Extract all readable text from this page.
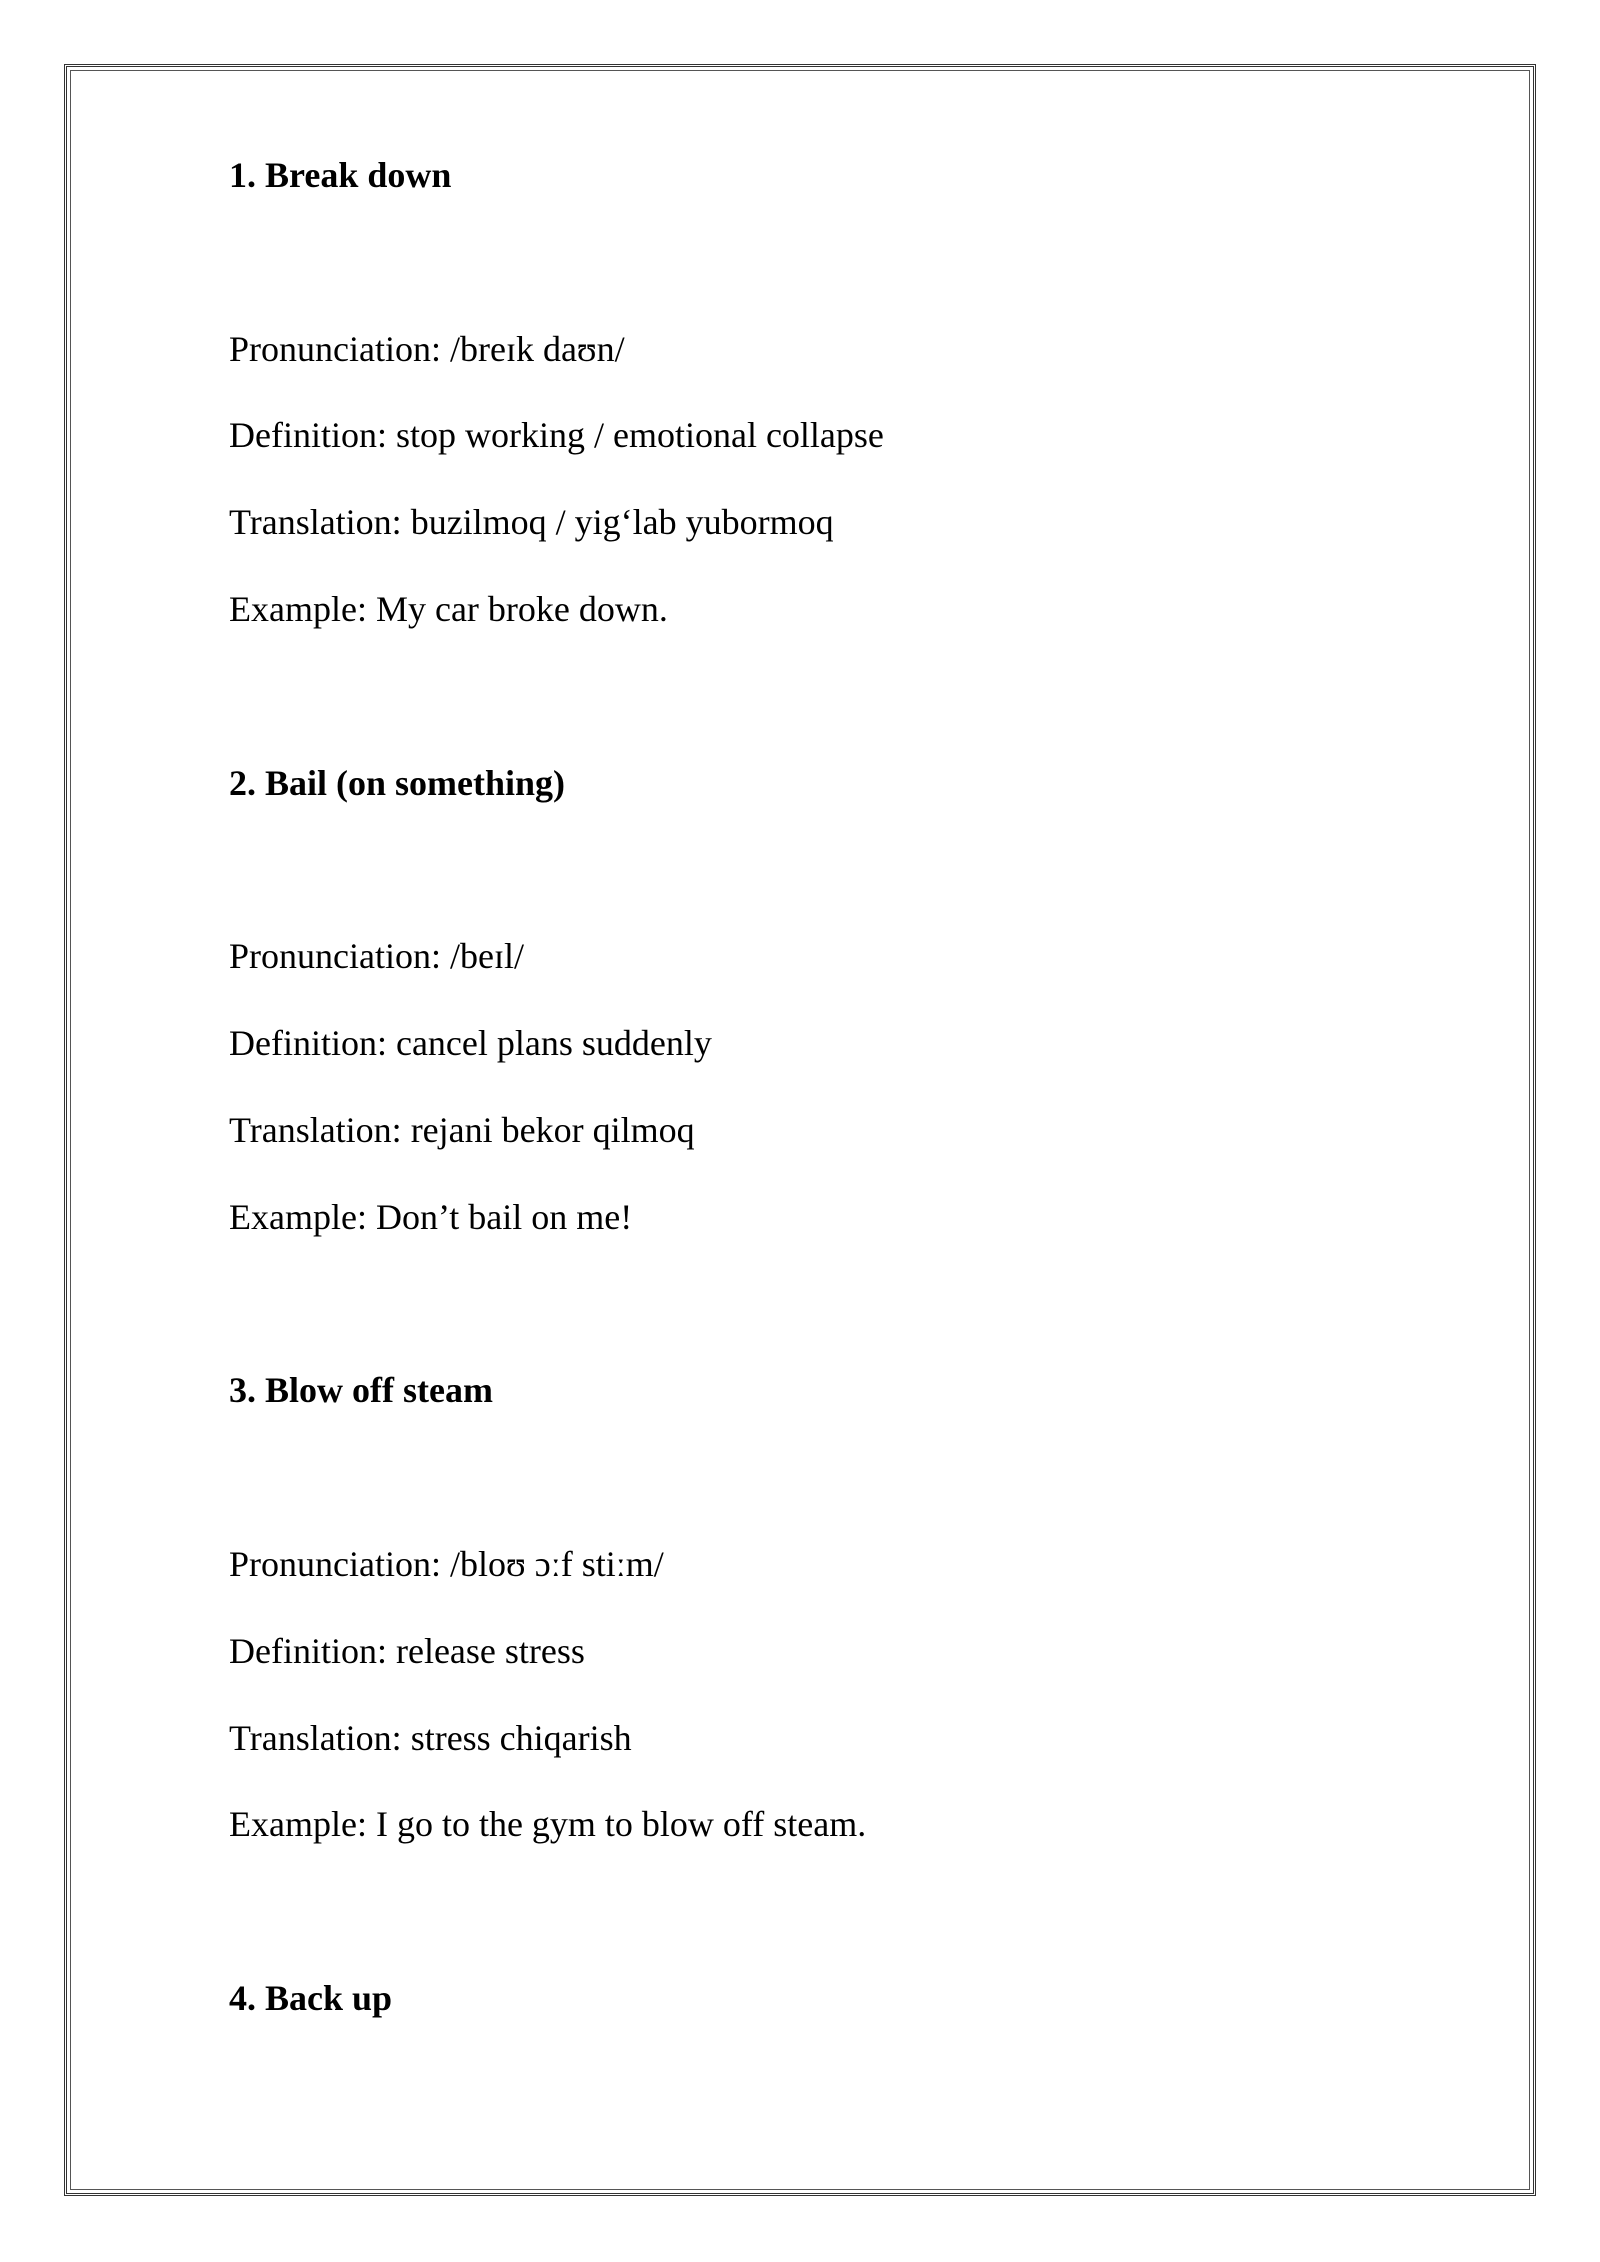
1. Break down
Pronunciation: /breɪk daʊn/
Definition: stop working / emotional collapse
Translation: buzilmoq / yigʻlab yubormoq
Example: My car broke down.
2. Bail (on something)
Pronunciation: /beɪl/
Definition: cancel plans suddenly
Translation: rejani bekor qilmoq
Example: Don’t bail on me!
3. Blow off steam
Pronunciation: /bloʊ ɔːf stiːm/
Definition: release stress
Translation: stress chiqarish
Example: I go to the gym to blow off steam.
4. Back up
